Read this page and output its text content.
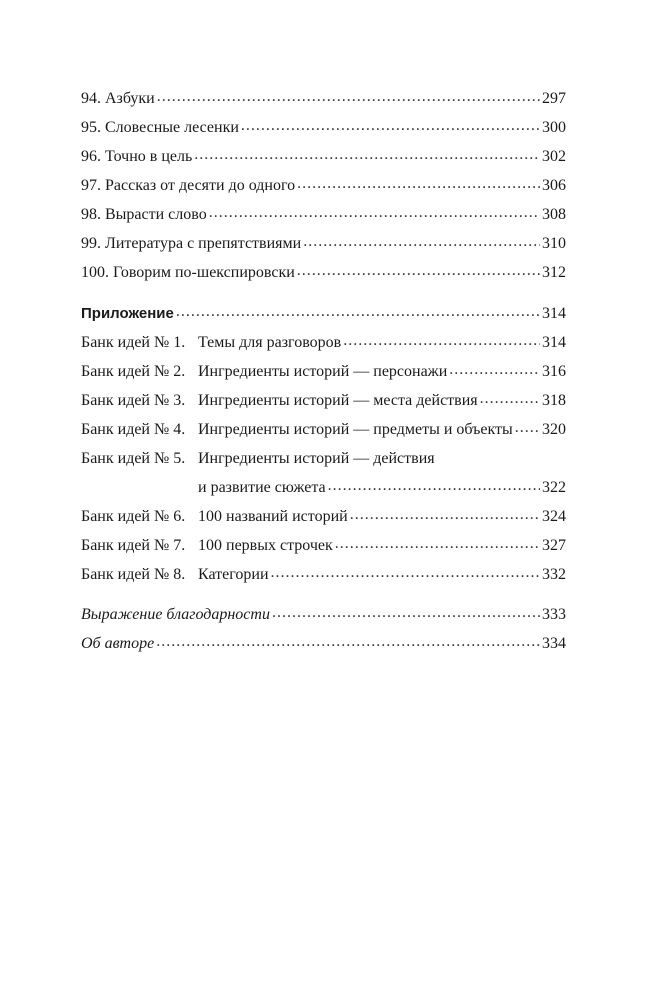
94. Азбуки .....	297
95. Словесные лесенки .....	300
96. Точно в цель .....	302
97. Рассказ от десяти до одного .....	306
98. Вырасти слово .....	308
99. Литература с препятствиями .....	310
100. Говорим по-шекспировски .....	312
Приложение .....	314
Банк идей № 1. Темы для разговоров .....	314
Банк идей № 2. Ингредиенты историй — персонажи .....	316
Банк идей № 3. Ингредиенты историй — места действия .....	318
Банк идей № 4. Ингредиенты историй — предметы и объекты ..... 320
Банк идей № 5. Ингредиенты историй — действия
и развитие сюжета .....	322
Банк идей № 6. 100 названий историй .....	324
Банк идей № 7. 100 первых строчек .....	327
Банк идей № 8. Категории .....	332
Выражение благодарности .....	333
Об авторе .....	334
